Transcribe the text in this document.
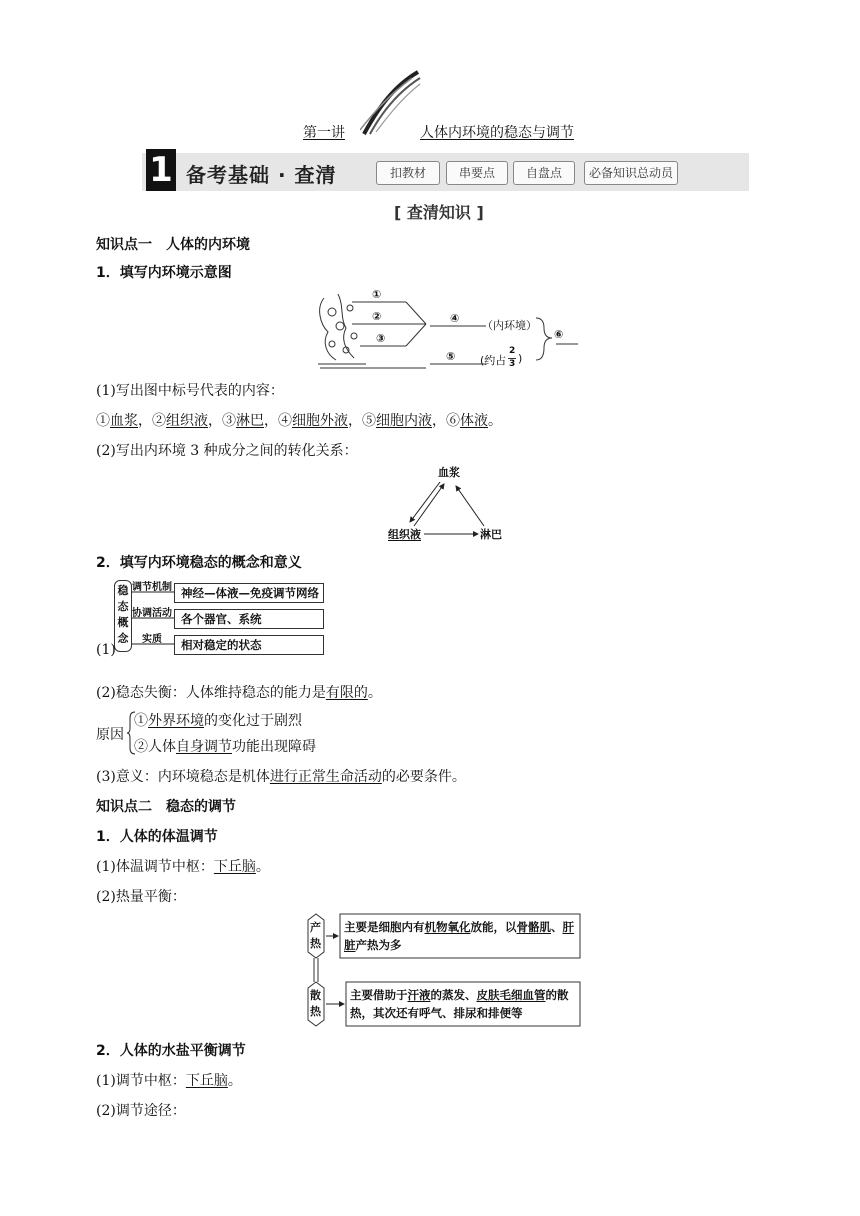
第一讲	人体内环境的稳态与调节
1 备考基础 · 查清	扣教材	串要点	自盘点	必备知识总动员
[ 查清知识 ]
知识点一　人体的内环境
1．填写内环境示意图
①
②
③
④
（内环境）
⑤ (约占
2
3 )
⑥
(1)写出图中标号代表的内容：
①血浆，②组织液，③淋巴，④细胞外液，⑤细胞内液，⑥体液。
(2)写出内环境 3 种成分之间的转化关系：
血浆
组织液	淋巴
2．填写内环境稳态的概念和意义
稳
态
概
念
调节机制
协调活动
实质
神经—体液—免疫调节网络
各个器官、系统
相对稳定的状态
(1)
(2)稳态失衡：人体维持稳态的能力是有限的。
原因
①外界环境的变化过于剧烈
②人体自身调节功能出现障碍
(3)意义：内环境稳态是机体进行正常生命活动的必要条件。
知识点二　稳态的调节
1．人体的体温调节
(1)体温调节中枢：下丘脑。
(2)热量平衡：
产
热
散
热
主要是细胞内有机物氧化放能，以骨骼肌、肝
脏产热为多
主要借助于汗液的蒸发、皮肤毛细血管的散
热，其次还有呼气、排尿和排便等
2．人体的水盐平衡调节
(1)调节中枢：下丘脑。
(2)调节途径：
